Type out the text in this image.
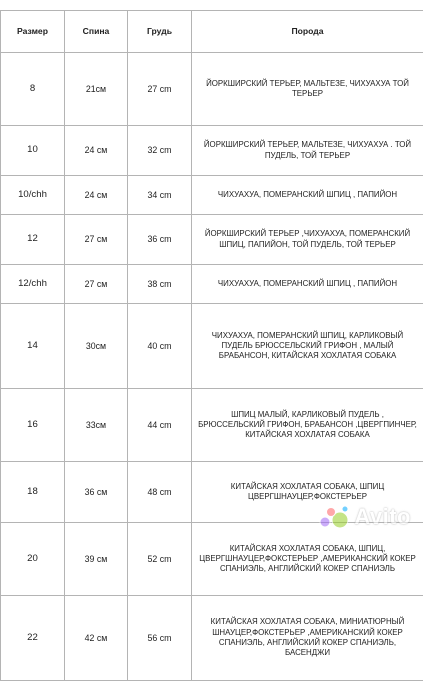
Размер	Спина	Грудь	Порода
8	21см	27 cm	ЙОРКШИРСКИЙ ТЕРЬЕР, МАЛЬТЕЗЕ, ЧИХУАХУА ТОЙ ТЕРЬЕР
10	24 см	32 cm	ЙОРКШИРСКИЙ ТЕРЬЕР, МАЛЬТЕЗЕ, ЧИХУАХУА . ТОЙ ПУДЕЛЬ, ТОЙ ТЕРЬЕР
10/chh	24 см	34 cm	ЧИХУАХУА, ПОМЕРАНСКИЙ ШПИЦ , ПАПИЙОН
12	27 см	36 cm	ЙОРКШИРСКИЙ ТЕРЬЕР ,ЧИХУАХУА, ПОМЕРАНСКИЙ ШПИЦ, ПАПИЙОН, ТОЙ ПУДЕЛЬ, ТОЙ ТЕРЬЕР
12/chh	27 см	38 cm	ЧИХУАХУА, ПОМЕРАНСКИЙ ШПИЦ , ПАПИЙОН
14	30см	40 cm	ЧИХУАХУА, ПОМЕРАНСКИЙ ШПИЦ, КАРЛИКОВЫЙ ПУДЕЛЬ БРЮССЕЛЬСКИЙ ГРИФОН , МАЛЫЙ БРАБАНСОН, КИТАЙСКАЯ ХОХЛАТАЯ СОБАКА
16	33см	44 cm	ШПИЦ МАЛЫЙ, КАРЛИКОВЫЙ ПУДЕЛЬ , БРЮССЕЛЬСКИЙ ГРИФОН, БРАБАНСОН ,ЦВЕРГПИНЧЕР, КИТАЙСКАЯ ХОХЛАТАЯ СОБАКА
18	36 см	48 cm	КИТАЙСКАЯ ХОХЛАТАЯ СОБАКА, ШПИЦ ЦВЕРГШНАУЦЕР,ФОКСТЕРЬЕР
20	39 см	52 cm	КИТАЙСКАЯ ХОХЛАТАЯ СОБАКА, ШПИЦ, ЦВЕРГШНАУЦЕР,ФОКСТЕРЬЕР ,АМЕРИКАНСКИЙ КОКЕР СПАНИЭЛЬ, АНГЛИЙСКИЙ КОКЕР СПАНИЭЛЬ
22	42 см	56 cm	КИТАЙСКАЯ ХОХЛАТАЯ СОБАКА, МИНИАТЮРНЫЙ ШНАУЦЕР,ФОКСТЕРЬЕР ,АМЕРИКАНСКИЙ КОКЕР СПАНИЭЛЬ, АНГЛИЙСКИЙ КОКЕР СПАНИЭЛЬ, БАСЕНДЖИ
Avito
